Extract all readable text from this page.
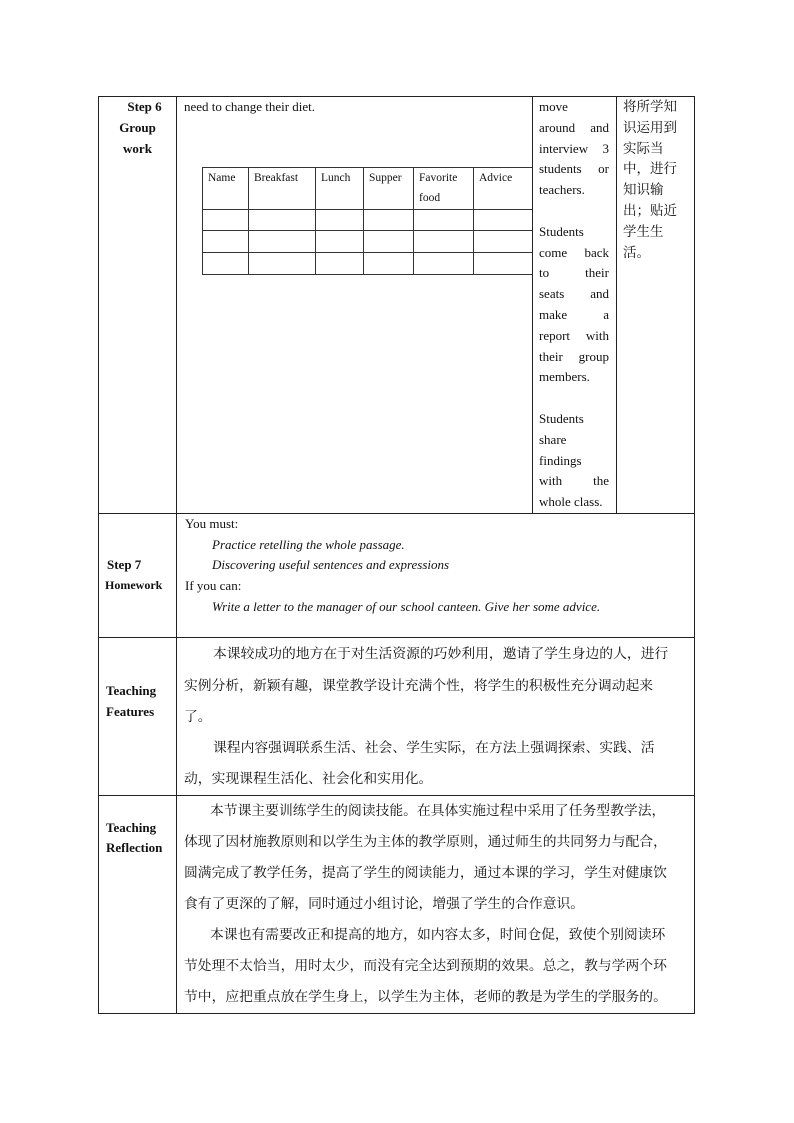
Step 6
Group
work
need to change their diet.
Name Breakfast Lunch Supper Favorite
food
Advice
move
around and
interview 3
students or
teachers.
Students
come back
to their
seats and
make a
report with
their group
members.
Students
share
findings
with the
whole class.
将所学知
识运用到
实际当
中，进行
知识输
出；贴近
学生生
活。
Step 7
Homework
You must:
Practice retelling the whole passage.
Discovering useful sentences and expressions
If you can:
Write a letter to the manager of our school canteen. Give her some advice.
Teaching
Features
本课较成功的地方在于对生活资源的巧妙利用，邀请了学生身边的人，进行
实例分析，新颖有趣，课堂教学设计充满个性，将学生的积极性充分调动起来
了。
课程内容强调联系生活、社会、学生实际，在方法上强调探索、实践、活
动，实现课程生活化、社会化和实用化。
Teaching
Reflection
本节课主要训练学生的阅读技能。在具体实施过程中采用了任务型教学法，
体现了因材施教原则和以学生为主体的教学原则，通过师生的共同努力与配合，
圆满完成了教学任务，提高了学生的阅读能力，通过本课的学习，学生对健康饮
食有了更深的了解，同时通过小组讨论，增强了学生的合作意识。
本课也有需要改正和提高的地方，如内容太多，时间仓促，致使个别阅读环
节处理不太恰当，用时太少，而没有完全达到预期的效果。总之，教与学两个环
节中，应把重点放在学生身上，以学生为主体，老师的教是为学生的学服务的。
